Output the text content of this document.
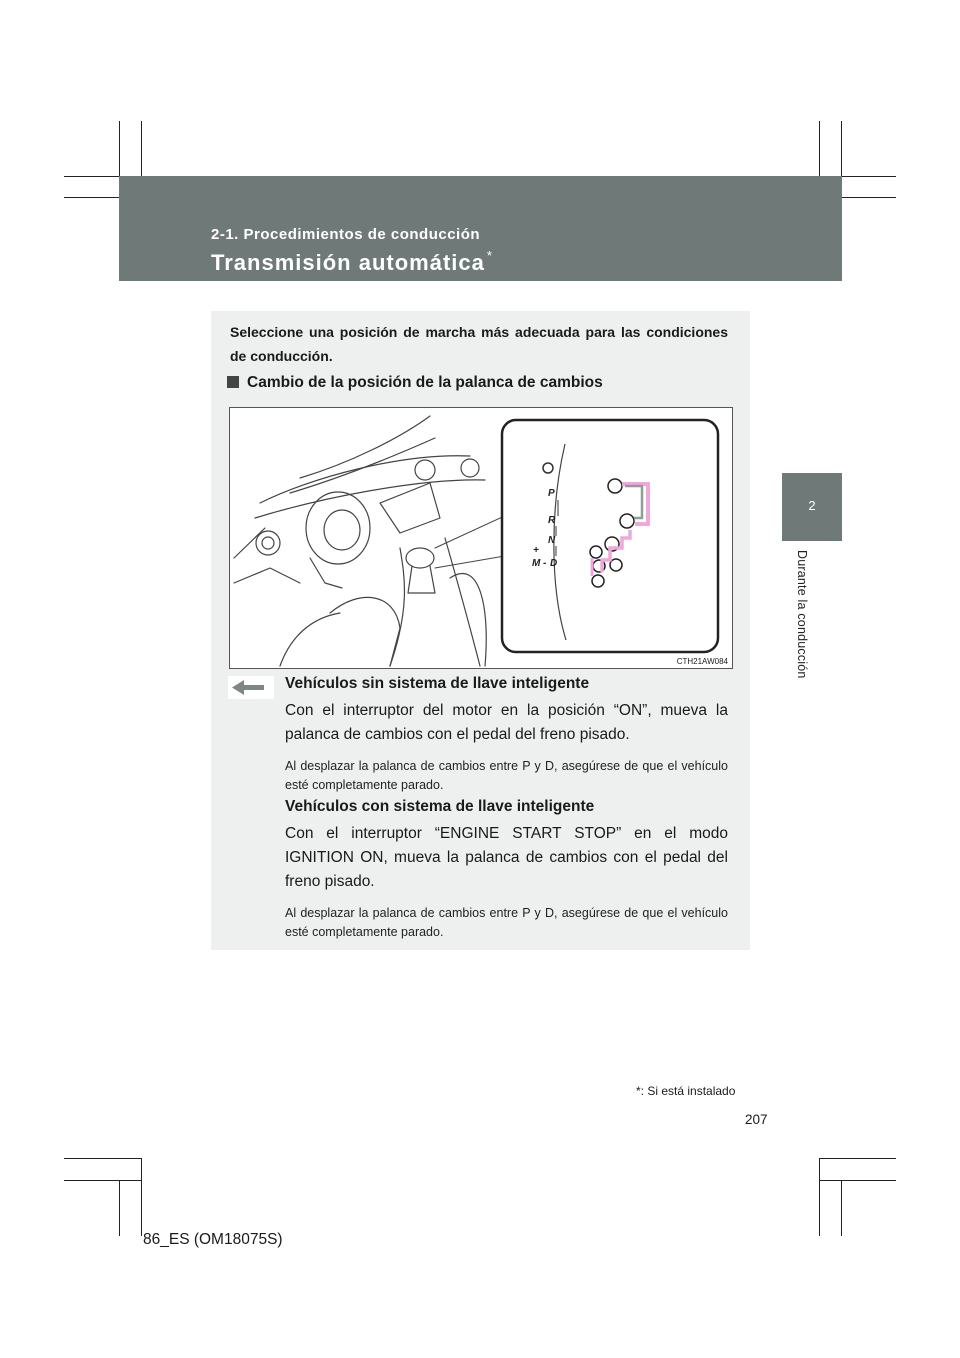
2-1. Procedimientos de conducción
Transmisión automática *
2
Durante la conducción
Seleccione una posición de marcha más adecuada para las condiciones de conducción.
Cambio de la posición de la palanca de cambios
P
R
N
D
M
+
-
CTH21AW084
Vehículos sin sistema de llave inteligente
Con el interruptor del motor en la posición “ON”, mueva la palanca de cambios con el pedal del freno pisado.
Al desplazar la palanca de cambios entre P y D, asegúrese de que el vehículo esté completamente parado.
Vehículos con sistema de llave inteligente
Con el interruptor “ENGINE START STOP” en el modo IGNITION ON, mueva la palanca de cambios con el pedal del freno pisado.
Al desplazar la palanca de cambios entre P y D, asegúrese de que el vehículo esté completamente parado.
*: Si está instalado
207
86_ES (OM18075S)
